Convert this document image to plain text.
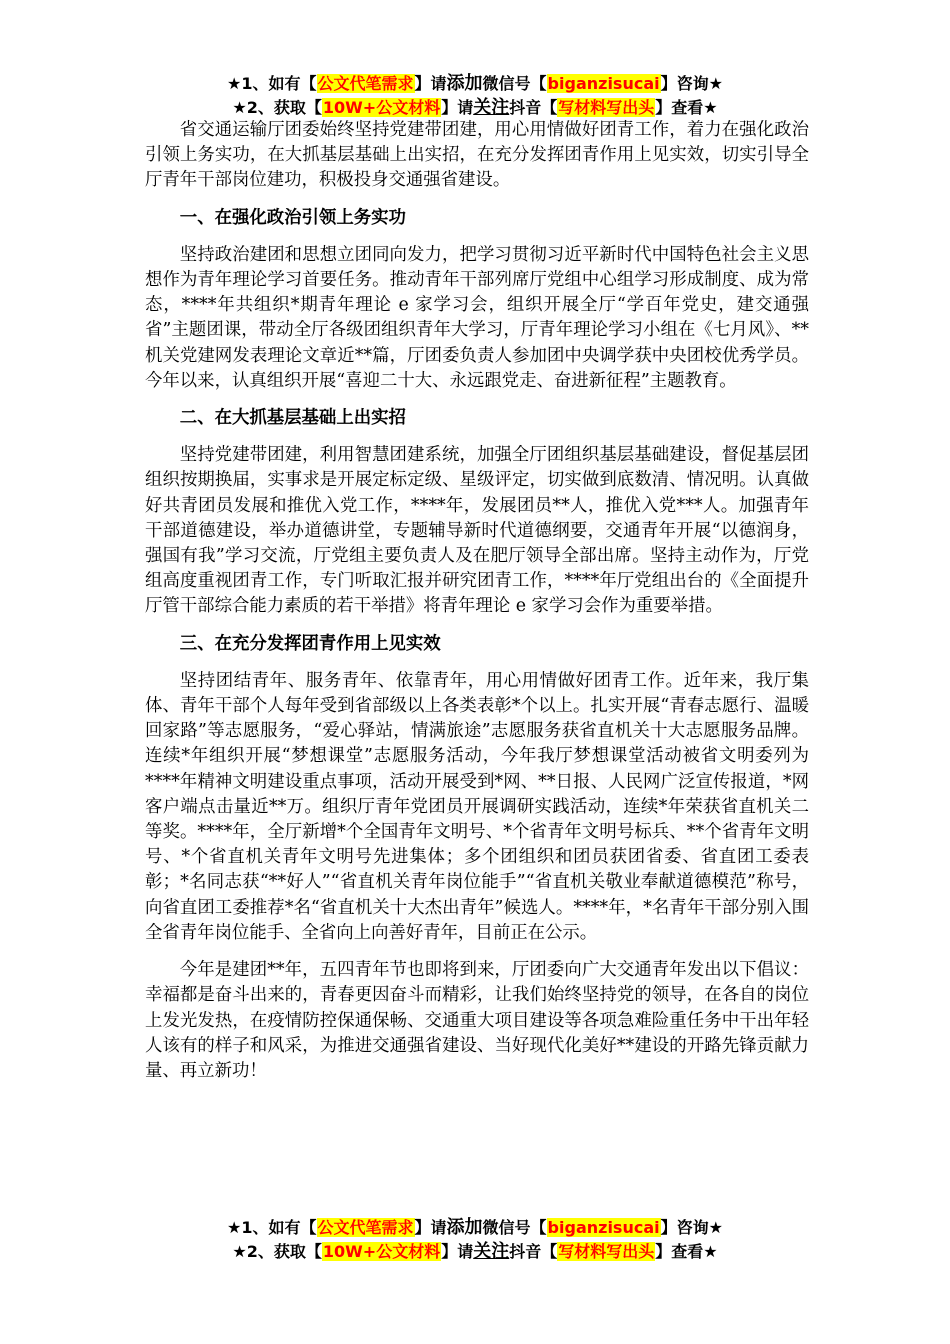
★1、如有【公文代笔需求】请添加微信号【biganzisucai】咨询★
★2、获取【10W+公文材料】请关注抖音【写材料写出头】查看★

省交通运输厅团委始终坚持党建带团建，用心用情做好团青工作，着力在强化政治引领上务实功，在大抓基层基础上出实招，在充分发挥团青作用上见实效，切实引导全厅青年干部岗位建功，积极投身交通强省建设。

一、在强化政治引领上务实功

坚持政治建团和思想立团同向发力，把学习贯彻习近平新时代中国特色社会主义思想作为青年理论学习首要任务。推动青年干部列席厅党组中心组学习形成制度、成为常态，****年共组织*期青年理论 e 家学习会，组织开展全厅“学百年党史，建交通强省”主题团课，带动全厅各级团组织青年大学习，厅青年理论学习小组在《七月风》、**机关党建网发表理论文章近**篇，厅团委负责人参加团中央调学获中央团校优秀学员。今年以来，认真组织开展“喜迎二十大、永远跟党走、奋进新征程”主题教育。

二、在大抓基层基础上出实招

坚持党建带团建，利用智慧团建系统，加强全厅团组织基层基础建设，督促基层团组织按期换届，实事求是开展定标定级、星级评定，切实做到底数清、情况明。认真做好共青团员发展和推优入党工作，****年，发展团员**人，推优入党***人。加强青年干部道德建设，举办道德讲堂，专题辅导新时代道德纲要，交通青年开展“以德润身，强国有我”学习交流，厅党组主要负责人及在肥厅领导全部出席。坚持主动作为，厅党组高度重视团青工作，专门听取汇报并研究团青工作，****年厅党组出台的《全面提升厅管干部综合能力素质的若干举措》将青年理论 e 家学习会作为重要举措。

三、在充分发挥团青作用上见实效

坚持团结青年、服务青年、依靠青年，用心用情做好团青工作。近年来，我厅集体、青年干部个人每年受到省部级以上各类表彰*个以上。扎实开展“青春志愿行、温暖回家路”等志愿服务，“爱心驿站，情满旅途”志愿服务获省直机关十大志愿服务品牌。连续*年组织开展“梦想课堂”志愿服务活动，今年我厅梦想课堂活动被省文明委列为****年精神文明建设重点事项，活动开展受到*网、**日报、人民网广泛宣传报道，*网客户端点击量近**万。组织厅青年党团员开展调研实践活动，连续*年荣获省直机关二等奖。****年，全厅新增*个全国青年文明号、*个省青年文明号标兵、**个省青年文明号、*个省直机关青年文明号先进集体；多个团组织和团员获团省委、省直团工委表彰；*名同志获“**好人”“省直机关青年岗位能手”“省直机关敬业奉献道德模范”称号，向省直团工委推荐*名“省直机关十大杰出青年”候选人。****年，*名青年干部分别入围全省青年岗位能手、全省向上向善好青年，目前正在公示。

今年是建团**年，五四青年节也即将到来，厅团委向广大交通青年发出以下倡议：幸福都是奋斗出来的，青春更因奋斗而精彩，让我们始终坚持党的领导，在各自的岗位上发光发热，在疫情防控保通保畅、交通重大项目建设等各项急难险重任务中干出年轻人该有的样子和风采，为推进交通强省建设、当好现代化美好**建设的开路先锋贡献力量、再立新功！

★1、如有【公文代笔需求】请添加微信号【biganzisucai】咨询★
★2、获取【10W+公文材料】请关注抖音【写材料写出头】查看★
